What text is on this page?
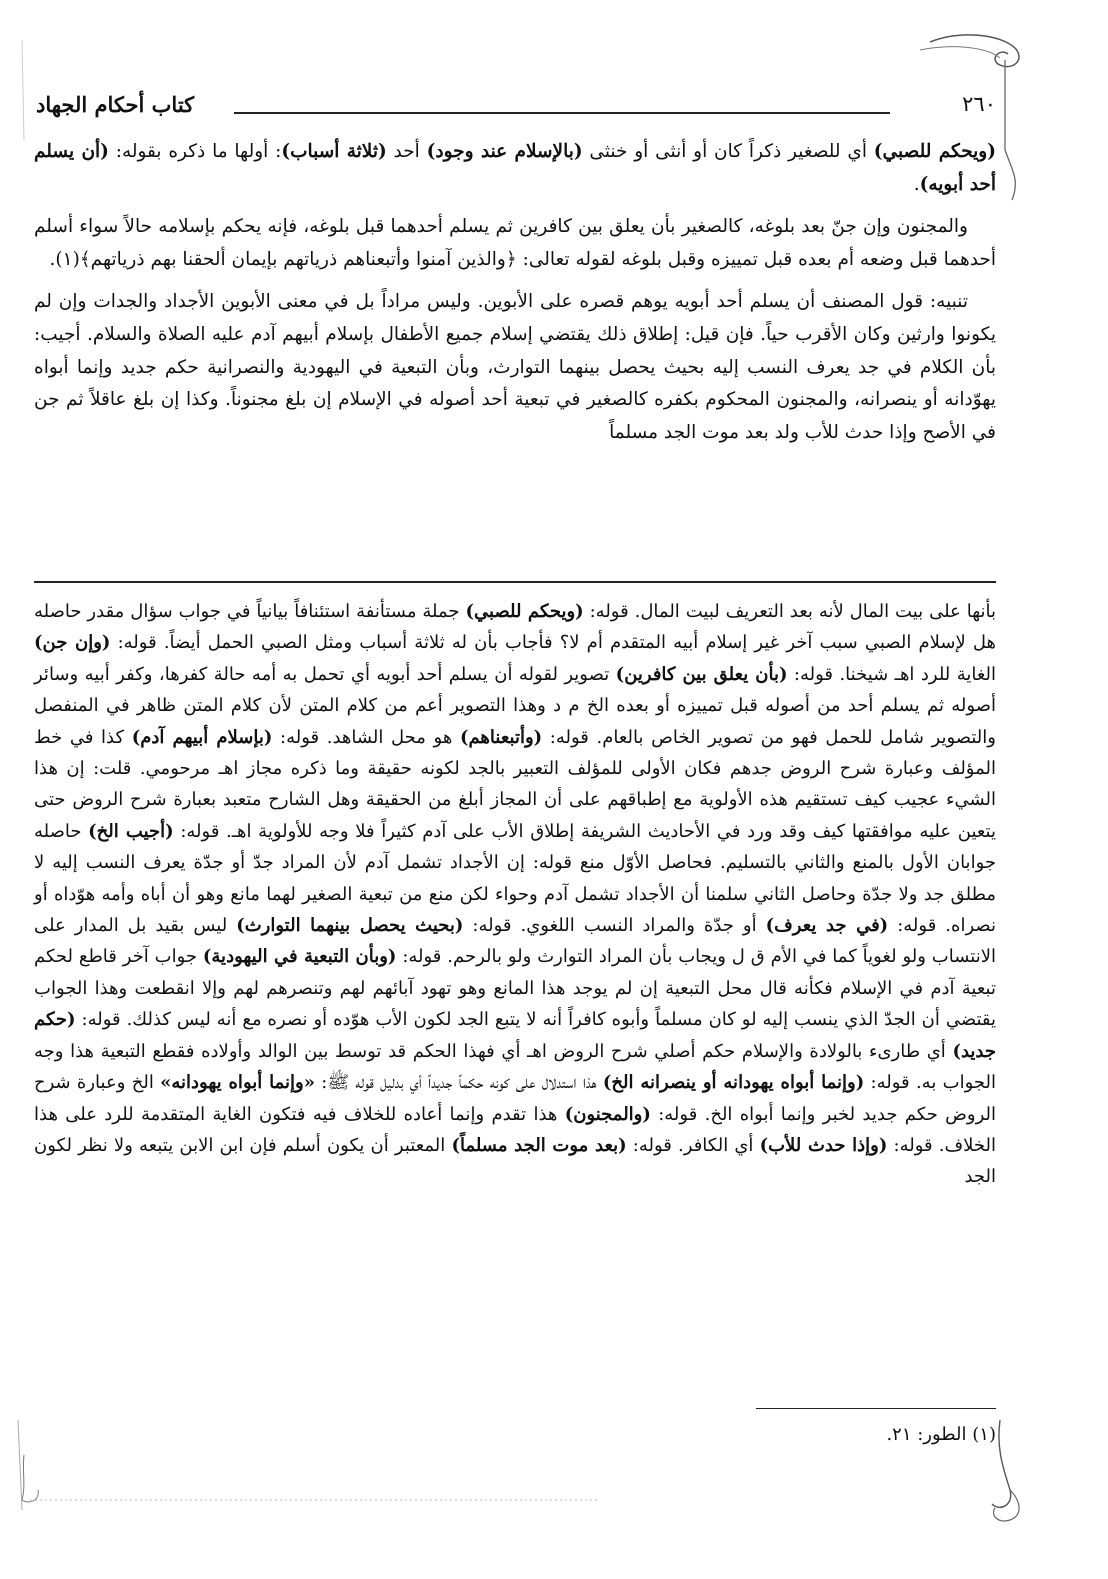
كتاب أحكام الجهاد	٢٦٠

(ويحكم للصبي) أي للصغير ذكراً كان أو أنثى أو خنثى (بالإسلام عند وجود) أحد (ثلاثة أسباب): أولها ما ذكره بقوله: (أن يسلم أحد أبويه).

والمجنون وإن جنّ بعد بلوغه، كالصغير بأن يعلق بين كافرين ثم يسلم أحدهما قبل بلوغه، فإنه يحكم بإسلامه حالاً سواء أسلم أحدهما قبل وضعه أم بعده قبل تمييزه وقبل بلوغه لقوله تعالى: ﴿والذين آمنوا وأتبعناهم ذرياتهم بإيمان ألحقنا بهم ذرياتهم﴾(١).

تنبيه: قول المصنف أن يسلم أحد أبويه يوهم قصره على الأبوين. وليس مراداً بل في معنى الأبوين الأجداد والجدات وإن لم يكونوا وارثين وكان الأقرب حياً. فإن قيل: إطلاق ذلك يقتضي إسلام جميع الأطفال بإسلام أبيهم آدم عليه الصلاة والسلام. أجيب: بأن الكلام في جد يعرف النسب إليه بحيث يحصل بينهما التوارث، وبأن التبعية في اليهودية والنصرانية حكم جديد وإنما أبواه يهوّدانه أو ينصرانه، والمجنون المحكوم بكفره كالصغير في تبعية أحد أصوله في الإسلام إن بلغ مجنوناً. وكذا إن بلغ عاقلاً ثم جن في الأصح وإذا حدث للأب ولد بعد موت الجد مسلماً

بأنها على بيت المال لأنه بعد التعريف لبيت المال. قوله: (ويحكم للصبي) جملة مستأنفة استئنافاً بيانياً في جواب سؤال مقدر حاصله هل لإسلام الصبي سبب آخر غير إسلام أبيه المتقدم أم لا؟ فأجاب بأن له ثلاثة أسباب ومثل الصبي الحمل أيضاً. قوله: (وإن جن) الغاية للرد اهـ شيخنا. قوله: (بأن يعلق بين كافرين) تصوير لقوله أن يسلم أحد أبويه أي تحمل به أمه حالة كفرها، وكفر أبيه وسائر أصوله ثم يسلم أحد من أصوله قبل تمييزه أو بعده الخ م د وهذا التصوير أعم من كلام المتن لأن كلام المتن ظاهر في المنفصل والتصوير شامل للحمل فهو من تصوير الخاص بالعام. قوله: (وأتبعناهم) هو محل الشاهد. قوله: (بإسلام أبيهم آدم) كذا في خط المؤلف وعبارة شرح الروض جدهم فكان الأولى للمؤلف التعبير بالجد لكونه حقيقة وما ذكره مجاز اهـ مرحومي. قلت: إن هذا الشيء عجيب كيف تستقيم هذه الأولوية مع إطباقهم على أن المجاز أبلغ من الحقيقة وهل الشارح متعبد بعبارة شرح الروض حتى يتعين عليه موافقتها كيف وقد ورد في الأحاديث الشريفة إطلاق الأب على آدم كثيراً فلا وجه للأولوية اهـ. قوله: (أجيب الخ) حاصله جوابان الأول بالمنع والثاني بالتسليم. فحاصل الأوّل منع قوله: إن الأجداد تشمل آدم لأن المراد جدّ أو جدّة يعرف النسب إليه لا مطلق جد ولا جدّة وحاصل الثاني سلمنا أن الأجداد تشمل آدم وحواء لكن منع من تبعية الصغير لهما مانع وهو أن أباه وأمه هوّداه أو نصراه. قوله: (في جد يعرف) أو جدّة والمراد النسب اللغوي. قوله: (بحيث يحصل بينهما التوارث) ليس بقيد بل المدار على الانتساب ولو لغوياً كما في الأم ق ل ويجاب بأن المراد التوارث ولو بالرحم. قوله: (وبأن التبعية في اليهودية) جواب آخر قاطع لحكم تبعية آدم في الإسلام فكأنه قال محل التبعية إن لم يوجد هذا المانع وهو تهود آبائهم لهم وتنصرهم لهم وإلا انقطعت وهذا الجواب يقتضي أن الجدّ الذي ينسب إليه لو كان مسلماً وأبوه كافراً أنه لا يتبع الجد لكون الأب هوّده أو نصره مع أنه ليس كذلك. قوله: (حكم جديد) أي طارىء بالولادة والإسلام حكم أصلي شرح الروض اهـ أي فهذا الحكم قد توسط بين الوالد وأولاده فقطع التبعية هذا وجه الجواب به. قوله: (وإنما أبواه يهودانه أو ينصرانه الخ) هذا استدلال على كونه حكماً جديداً أي بدليل قوله ﷺ: «وإنما أبواه يهودانه» الخ وعبارة شرح الروض حكم جديد لخبر وإنما أبواه الخ. قوله: (والمجنون) هذا تقدم وإنما أعاده للخلاف فيه فتكون الغاية المتقدمة للرد على هذا الخلاف. قوله: (وإذا حدث للأب) أي الكافر. قوله: (بعد موت الجد مسلماً) المعتبر أن يكون أسلم فإن ابن الابن يتبعه ولا نظر لكون الجد

(١) الطور: ٢١.
